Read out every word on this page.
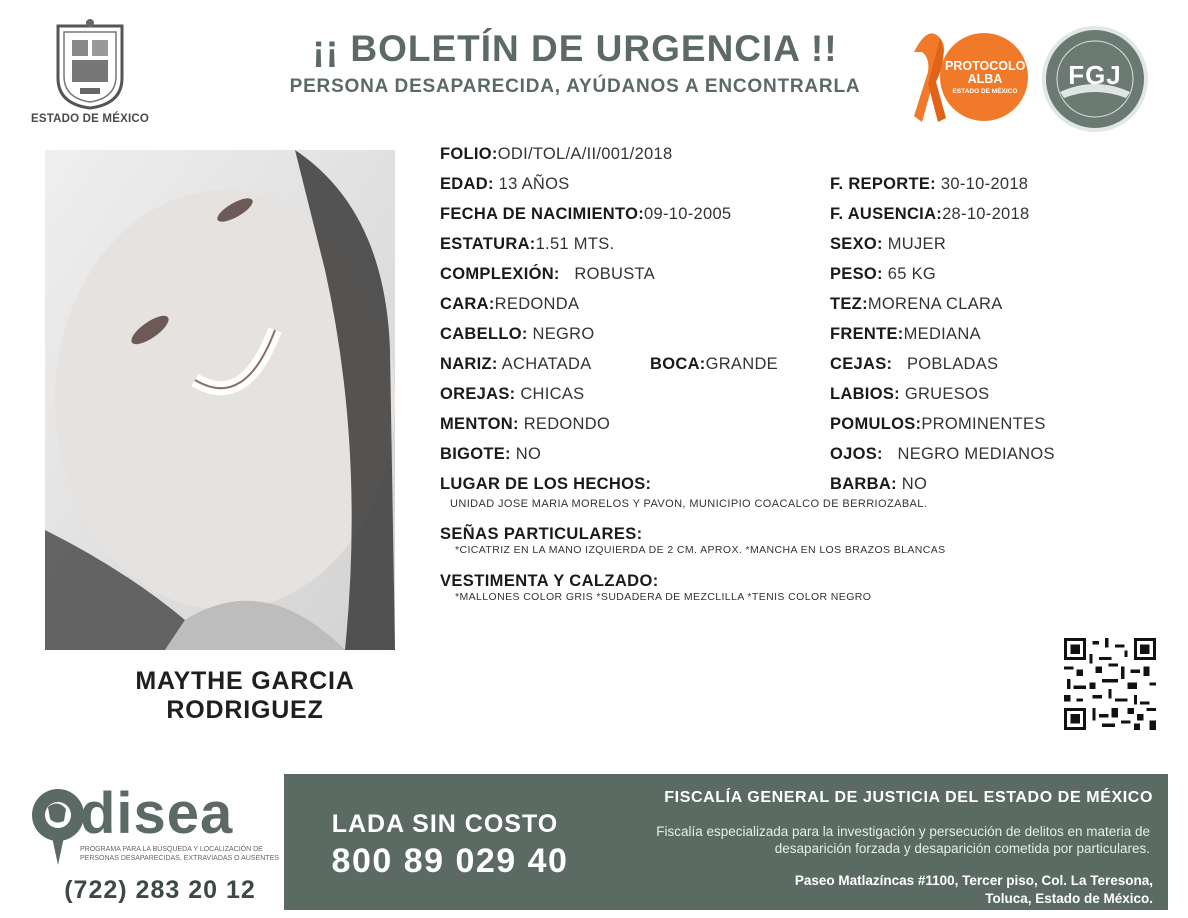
ESTADO DE MÉXICO
¡¡ BOLETÍN DE URGENCIA !!
PERSONA DESAPARECIDA, AYÚDANOS A ENCONTRARLA
PROTOCOLO
ALBA
ESTADO DE MÉXICO
FGJ
MAYTHE GARCIA
RODRIGUEZ
FOLIO:ODI/TOL/A/II/001/2018
EDAD: 13 AÑOS
FECHA DE NACIMIENTO:09-10-2005
ESTATURA:1.51 MTS.
COMPLEXIÓN: ROBUSTA
CARA:REDONDA
CABELLO: NEGRO
NARIZ: ACHATADA	BOCA:GRANDE
OREJAS: CHICAS
MENTON: REDONDO
BIGOTE: NO
LUGAR DE LOS HECHOS:
UNIDAD JOSE MARIA MORELOS Y PAVON, MUNICIPIO COACALCO DE BERRIOZABAL.
SEÑAS PARTICULARES:
*CICATRIZ EN LA MANO IZQUIERDA DE 2 CM. APROX. *MANCHA EN LOS BRAZOS BLANCAS
VESTIMENTA Y CALZADO:
*MALLONES COLOR GRIS *SUDADERA DE MEZCLILLA *TENIS COLOR NEGRO
F. REPORTE: 30-10-2018
F. AUSENCIA:28-10-2018
SEXO: MUJER
PESO: 65 KG
TEZ:MORENA CLARA
FRENTE:MEDIANA
CEJAS: POBLADAS
LABIOS: GRUESOS
POMULOS:PROMINENTES
OJOS: NEGRO MEDIANOS
BARBA: NO
disea
PROGRAMA PARA LA BÚSQUEDA Y LOCALIZACIÓN DE PERSONAS DESAPARECIDAS, EXTRAVIADAS O AUSENTES
(722) 283 20 12
LADA SIN COSTO
800 89 029 40
FISCALÍA GENERAL DE JUSTICIA DEL ESTADO DE MÉXICO
Fiscalía especializada para la investigación y persecución de delitos en materia de desaparición forzada y desaparición cometida por particulares.
Paseo Matlazíncas #1100, Tercer piso, Col. La Teresona,
Toluca, Estado de México.
